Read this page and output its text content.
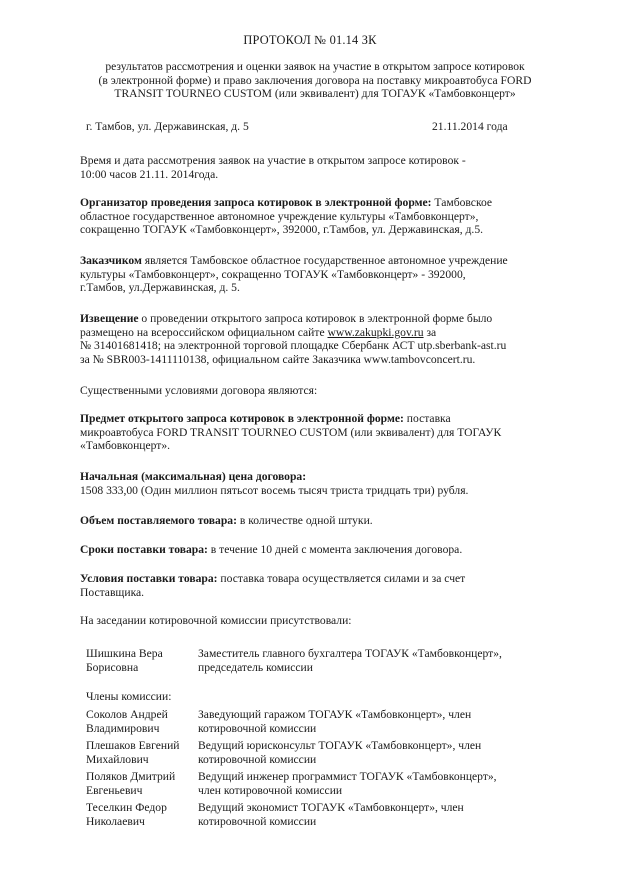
ПРОТОКОЛ № 01.14 ЗК
результатов рассмотрения и оценки заявок на участие в открытом запросе котировок
(в электронной форме) и право заключения договора на поставку микроавтобуса FORD
TRANSIT TOURNEO CUSTOM (или эквивалент) для ТОГАУК «Тамбовконцерт»
г. Тамбов, ул. Державинская, д. 5	21.11.2014 года
Время и дата рассмотрения заявок на участие в открытом запросе котировок -
10:00 часов 21.11. 2014года.
Организатор проведения запроса котировок в электронной форме: Тамбовское
областное государственное автономное учреждение культуры «Тамбовконцерт»,
сокращенно ТОГАУК «Тамбовконцерт», 392000, г.Тамбов, ул. Державинская, д.5.
Заказчиком является Тамбовское областное государственное автономное учреждение
культуры «Тамбовконцерт», сокращенно ТОГАУК «Тамбовконцерт» - 392000,
г.Тамбов, ул.Державинская, д. 5.
Извещение о проведении открытого запроса котировок в электронной форме было
размещено на всероссийском официальном сайте www.zakupki.gov.ru за
№ 31401681418; на электронной торговой площадке Сбербанк АСТ utp.sberbank-ast.ru
за № SBR003-1411110138, официальном сайте Заказчика www.tambovconcert.ru.
Существенными условиями договора являются:
Предмет открытого запроса котировок в электронной форме: поставка
микроавтобуса FORD TRANSIT TOURNEO CUSTOM (или эквивалент) для ТОГАУК
«Тамбовконцерт».
Начальная (максимальная) цена договора:
1508 333,00 (Один миллион пятьсот восемь тысяч триста тридцать три) рубля.
Объем поставляемого товара: в количестве одной штуки.
Сроки поставки товара: в течение 10 дней с момента заключения договора.
Условия поставки товара: поставка товара осуществляется силами и за счет
Поставщика.
На заседании котировочной комиссии присутствовали:
Шишкина Вера
Борисовна
Заместитель главного бухгалтера ТОГАУК «Тамбовконцерт»,
председатель комиссии
Члены комиссии:
Соколов Андрей
Владимирович
Заведующий гаражом ТОГАУК «Тамбовконцерт», член
котировочной комиссии
Плешаков Евгений
Михайлович
Ведущий юрисконсульт ТОГАУК «Тамбовконцерт», член
котировочной комиссии
Поляков Дмитрий
Евгеньевич
Ведущий инженер программист ТОГАУК «Тамбовконцерт»,
член котировочной комиссии
Теселкин Федор
Николаевич
Ведущий экономист ТОГАУК «Тамбовконцерт», член
котировочной комиссии
